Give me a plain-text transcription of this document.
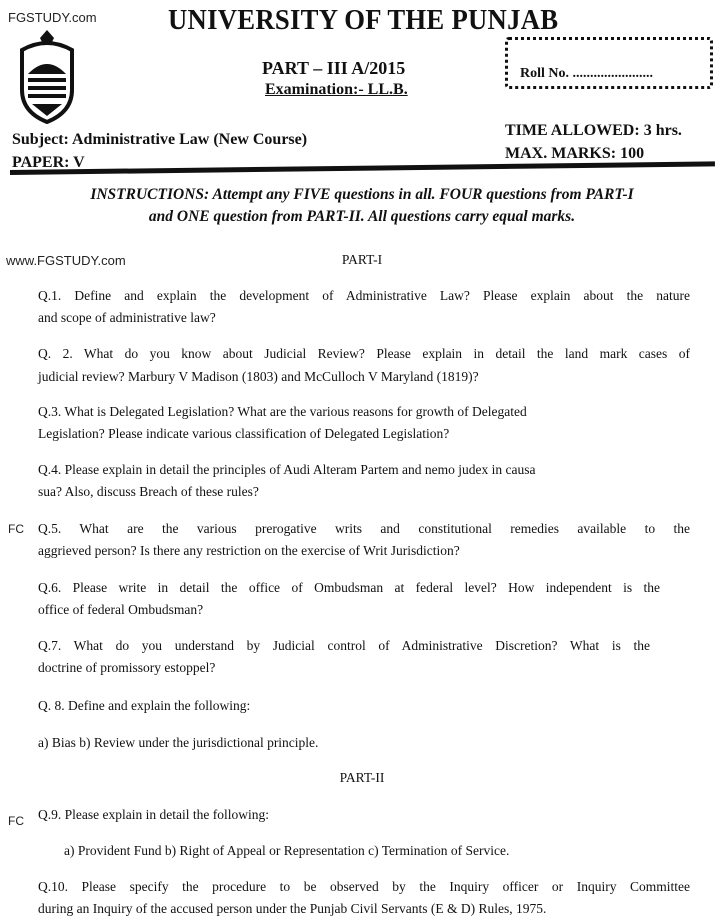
FGSTUDY.com
www.FGSTUDY.com
FC
FC
UNIVERSITY OF THE PUNJAB
PART – III A/2015
Examination:- LL.B.
Roll No. .......................
Subject: Administrative Law (New Course)
PAPER: V
TIME ALLOWED: 3 hrs.
MAX. MARKS: 100
INSTRUCTIONS: Attempt any FIVE questions in all. FOUR questions from PART-I
and ONE question from PART-II. All questions carry equal marks.
PART-I
Q.1. Define and explain the development of Administrative Law? Please explain about the nature
and scope of administrative law?
Q. 2. What do you know about Judicial Review? Please explain in detail the land mark cases of
judicial review? Marbury V Madison (1803) and McCulloch V Maryland (1819)?
Q.3. What is Delegated Legislation? What are the various reasons for growth of Delegated
Legislation? Please indicate various classification of Delegated Legislation?
Q.4. Please explain in detail the principles of Audi Alteram Partem and nemo judex in causa
sua? Also, discuss Breach of these rules?
Q.5. What are the various prerogative writs and constitutional remedies available to the
aggrieved person? Is there any restriction on the exercise of Writ Jurisdiction?
Q.6. Please write in detail the office of Ombudsman at federal level? How independent is the
office of federal Ombudsman?
Q.7. What do you understand by Judicial control of Administrative Discretion? What is the
doctrine of promissory estoppel?
Q. 8. Define and explain the following:
a) Bias b) Review under the jurisdictional principle.
PART-II
Q.9. Please explain in detail the following:
a) Provident Fund b) Right of Appeal or Representation c) Termination of Service.
Q.10. Please specify the procedure to be observed by the Inquiry officer or Inquiry Committee
during an Inquiry of the accused person under the Punjab Civil Servants (E & D) Rules, 1975.
